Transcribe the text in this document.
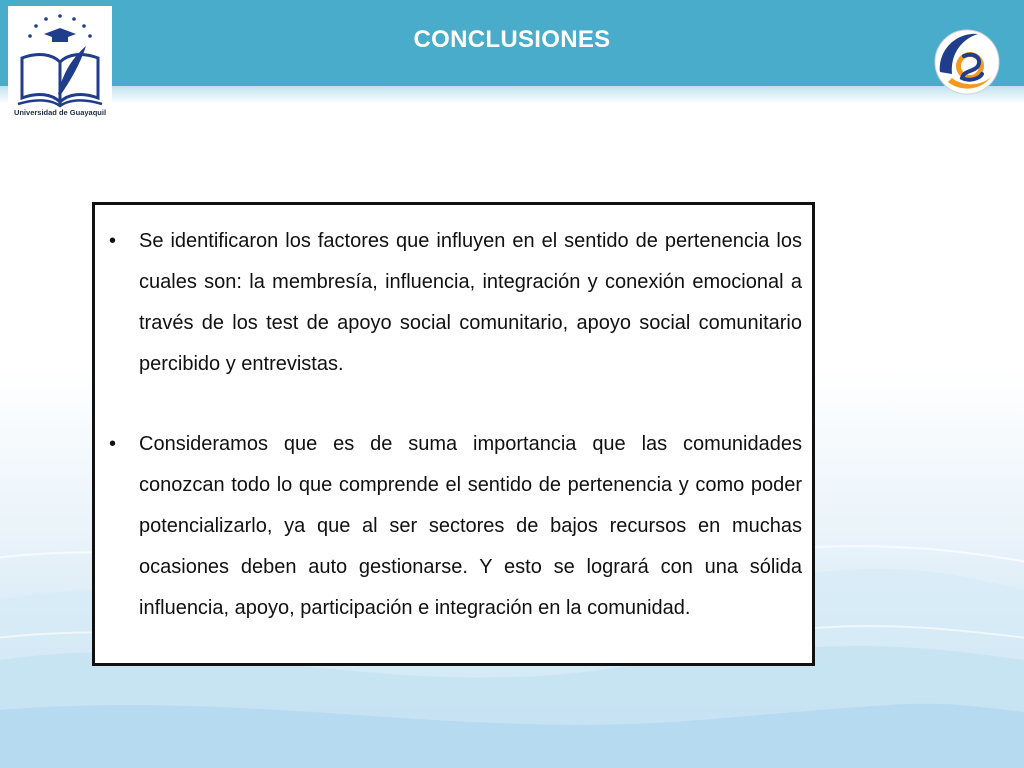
CONCLUSIONES
Universidad de Guayaquil
• Se identificaron los factores que influyen en el sentido de pertenencia los cuales son: la membresía, influencia, integración y conexión emocional a través de los test de apoyo social comunitario, apoyo social comunitario percibido y entrevistas.
• Consideramos que es de suma importancia que las comunidades conozcan todo lo que comprende el sentido de pertenencia y como poder potencializarlo, ya que al ser sectores de bajos recursos en muchas ocasiones deben auto gestionarse. Y esto se logrará con una sólida influencia, apoyo, participación e integración en la comunidad.
